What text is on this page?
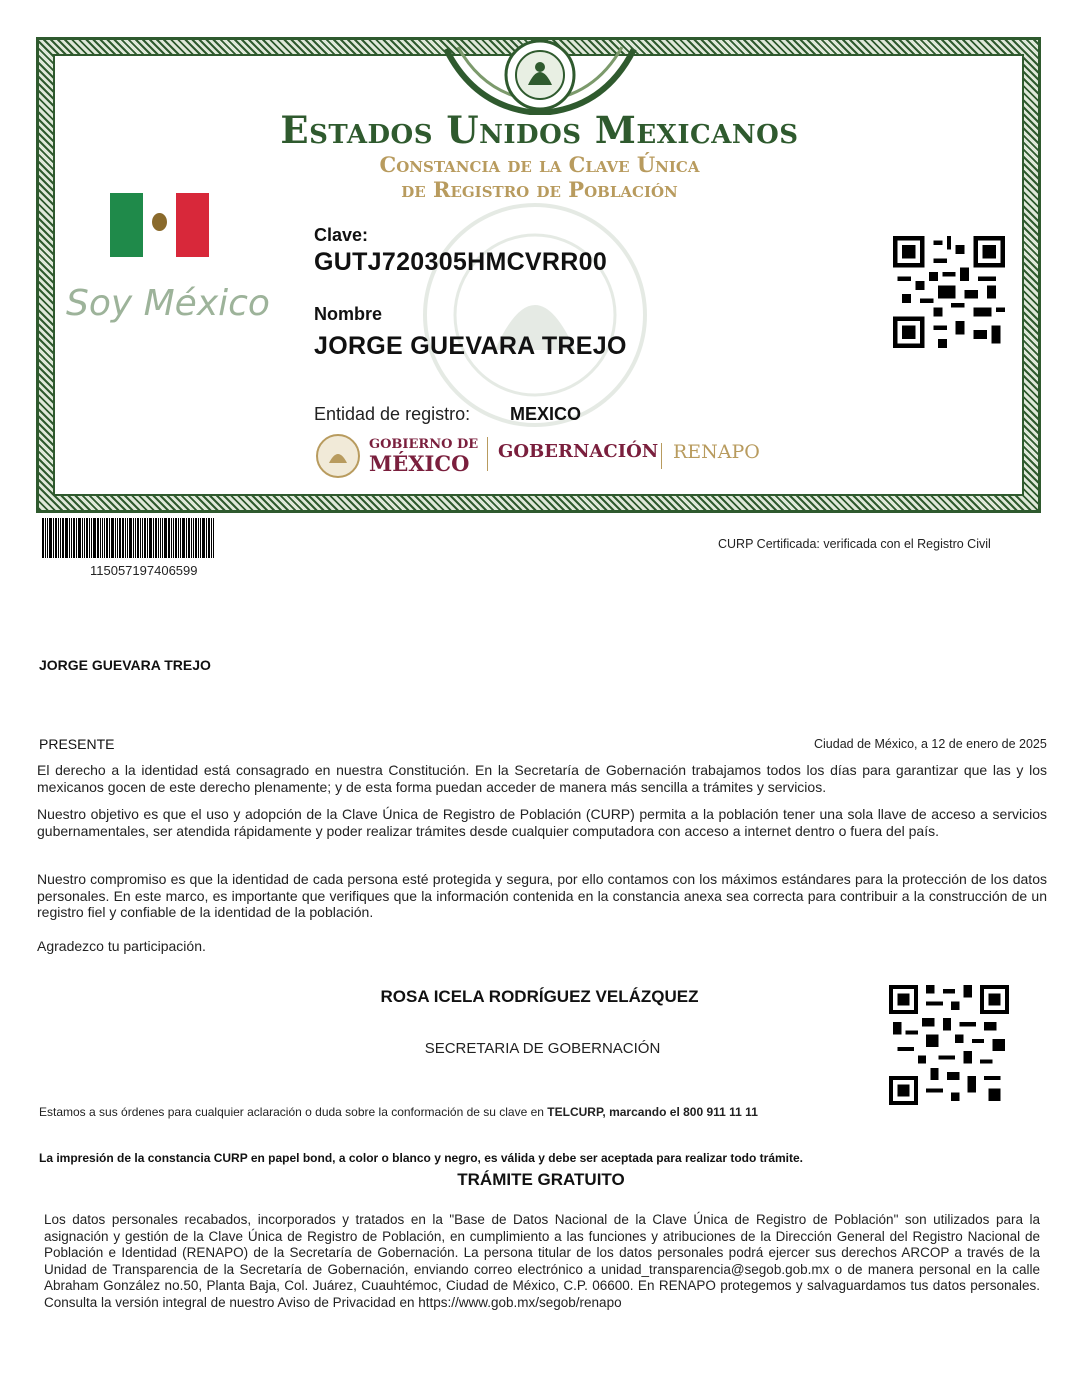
Estados Unidos Mexicanos
Constancia de la Clave Única
de Registro de Población
Soy México
Clave:
GUTJ720305HMCVRR00
Nombre
JORGE GUEVARA TREJO
Entidad de registro: MEXICO
GOBIERNO DE
MÉXICO GOBERNACIÓN RENAPO
115057197406599
CURP Certificada: verificada con el Registro Civil
JORGE GUEVARA TREJO
PRESENTE	Ciudad de México, a 12 de enero de 2025
El derecho a la identidad está consagrado en nuestra Constitución. En la Secretaría de Gobernación trabajamos todos los días para garantizar que las y los mexicanos gocen de este derecho plenamente; y de esta forma puedan acceder de manera más sencilla a trámites y servicios.
Nuestro objetivo es que el uso y adopción de la Clave Única de Registro de Población (CURP) permita a la población tener una sola llave de acceso a servicios gubernamentales, ser atendida rápidamente y poder realizar trámites desde cualquier computadora con acceso a internet dentro o fuera del país.
Nuestro compromiso es que la identidad de cada persona esté protegida y segura, por ello contamos con los máximos estándares para la protección de los datos personales. En este marco, es importante que verifiques que la información contenida en la constancia anexa sea correcta para contribuir a la construcción de un registro fiel y confiable de la identidad de la población.
Agradezco tu participación.
ROSA ICELA RODRÍGUEZ VELÁZQUEZ
SECRETARIA DE GOBERNACIÓN
Estamos a sus órdenes para cualquier aclaración o duda sobre la conformación de su clave en TELCURP, marcando el 800 911 11 11
La impresión de la constancia CURP en papel bond, a color o blanco y negro, es válida y debe ser aceptada para realizar todo trámite.
TRÁMITE GRATUITO
Los datos personales recabados, incorporados y tratados en la "Base de Datos Nacional de la Clave Única de Registro de Población" son utilizados para la asignación y gestión de la Clave Única de Registro de Población, en cumplimiento a las funciones y atribuciones de la Dirección General del Registro Nacional de Población e Identidad (RENAPO) de la Secretaría de Gobernación. La persona titular de los datos personales podrá ejercer sus derechos ARCOP a través de la Unidad de Transparencia de la Secretaría de Gobernación, enviando correo electrónico a unidad_transparencia@segob.gob.mx o de manera personal en la calle Abraham González no.50, Planta Baja, Col. Juárez, Cuauhtémoc, Ciudad de México, C.P. 06600. En RENAPO protegemos y salvaguardamos tus datos personales. Consulta la versión integral de nuestro Aviso de Privacidad en https://www.gob.mx/segob/renapo
